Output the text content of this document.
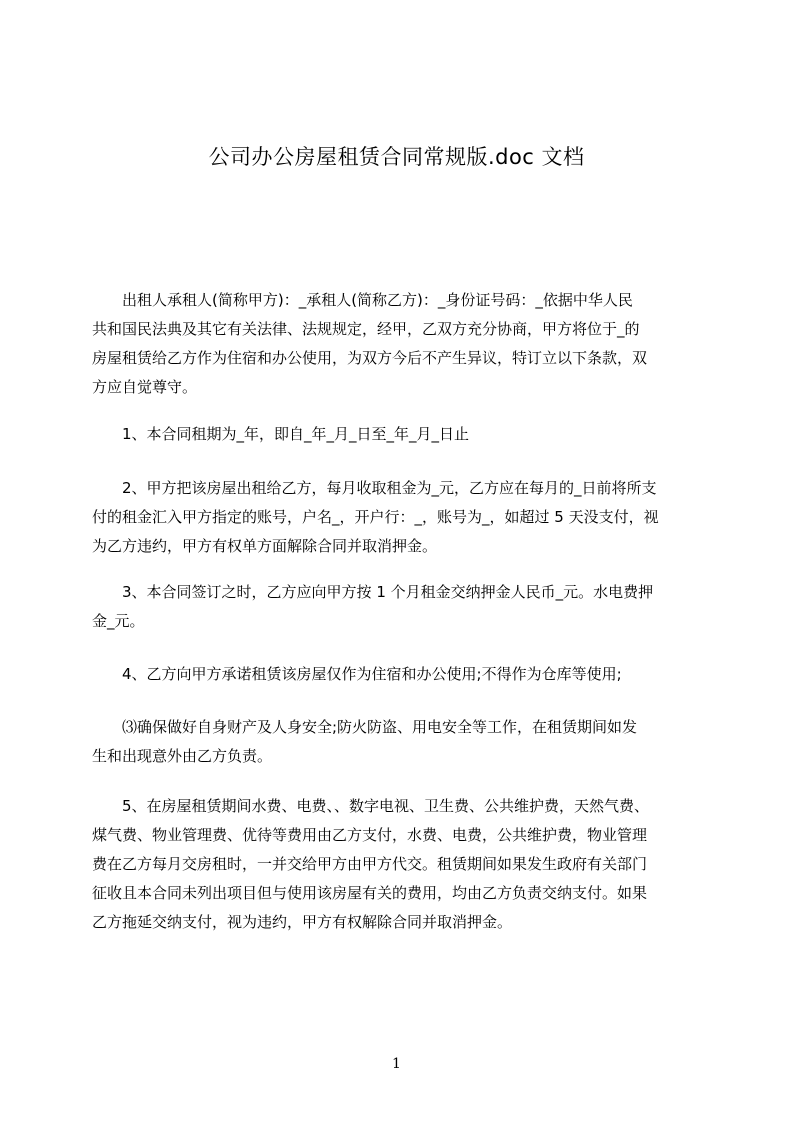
公司办公房屋租赁合同常规版.doc 文档
　　出租人承租人(简称甲方)：_承租人(简称乙方)：_身份证号码：_依据中华人民
共和国民法典及其它有关法律、法规规定，经甲，乙双方充分协商，甲方将位于_的
房屋租赁给乙方作为住宿和办公使用，为双方今后不产生异议，特订立以下条款，双
方应自觉尊守。
　　1、本合同租期为_年，即自_年_月_日至_年_月_日止
　　2、甲方把该房屋出租给乙方，每月收取租金为_元，乙方应在每月的_日前将所支
付的租金汇入甲方指定的账号，户名_，开户行：_，账号为_，如超过 5 天没支付，视
为乙方违约，甲方有权单方面解除合同并取消押金。
　　3、本合同签订之时，乙方应向甲方按 1 个月租金交纳押金人民币_元。水电费押
金_元。
　　4、乙方向甲方承诺租赁该房屋仅作为住宿和办公使用;不得作为仓库等使用;
　　⑶确保做好自身财产及人身安全;防火防盗、用电安全等工作，在租赁期间如发
生和出现意外由乙方负责。
　　5、在房屋租赁期间水费、电费、、数字电视、卫生费、公共维护费，天然气费、
煤气费、物业管理费、优待等费用由乙方支付，水费、电费，公共维护费，物业管理
费在乙方每月交房租时，一并交给甲方由甲方代交。租赁期间如果发生政府有关部门
征收且本合同未列出项目但与使用该房屋有关的费用，均由乙方负责交纳支付。如果
乙方拖延交纳支付，视为违约，甲方有权解除合同并取消押金。
1
